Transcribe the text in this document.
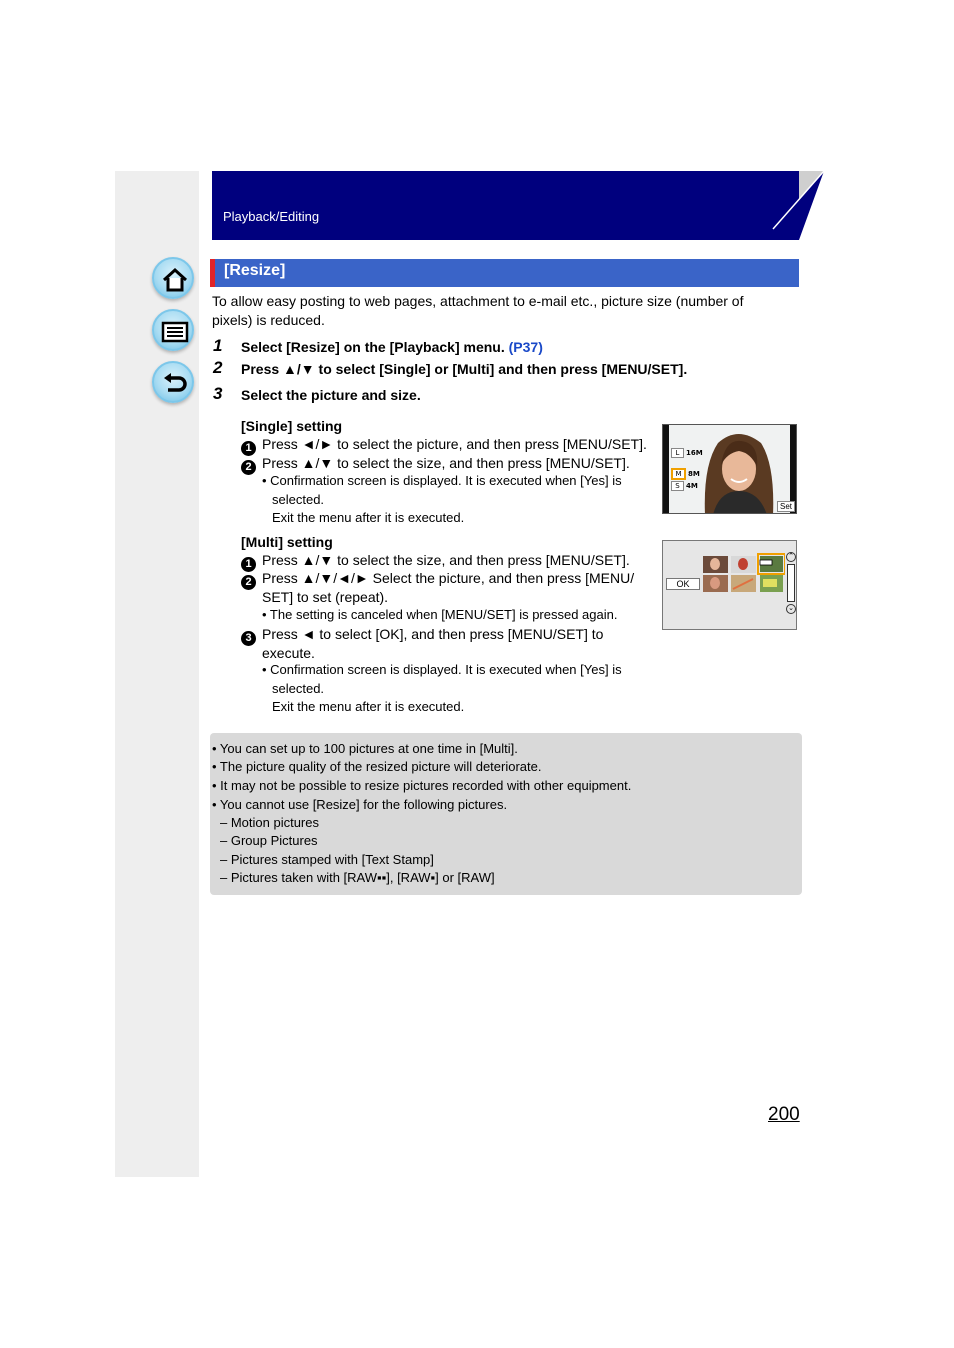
Playback/Editing
[Resize]
To allow easy posting to web pages, attachment to e-mail etc., picture size (number of
pixels) is reduced.
1 Select [Resize] on the [Playback] menu. (P37)
2 Press ▲/▼ to select [Single] or [Multi] and then press [MENU/SET].
3 Select the picture and size.
[Single] setting
1 Press ◄/► to select the picture, and then press [MENU/SET].
2 Press ▲/▼ to select the size, and then press [MENU/SET].
• Confirmation screen is displayed. It is executed when [Yes] is
selected.
Exit the menu after it is executed.
L 16M
M 8M
S 4M
Set
[Multi] setting
1 Press ▲/▼ to select the size, and then press [MENU/SET].
2 Press ▲/▼/◄/► Select the picture, and then press [MENU/
SET] to set (repeat).
• The setting is canceled when [MENU/SET] is pressed again.
3 Press ◄ to select [OK], and then press [MENU/SET] to
execute.
• Confirmation screen is displayed. It is executed when [Yes] is
selected.
Exit the menu after it is executed.
OK
⌃
⌄
• You can set up to 100 pictures at one time in [Multi].
• The picture quality of the resized picture will deteriorate.
• It may not be possible to resize pictures recorded with other equipment.
• You cannot use [Resize] for the following pictures.
– Motion pictures
– Group Pictures
– Pictures stamped with [Text Stamp]
– Pictures taken with [RAW▪▪], [RAW▪] or [RAW]
200
